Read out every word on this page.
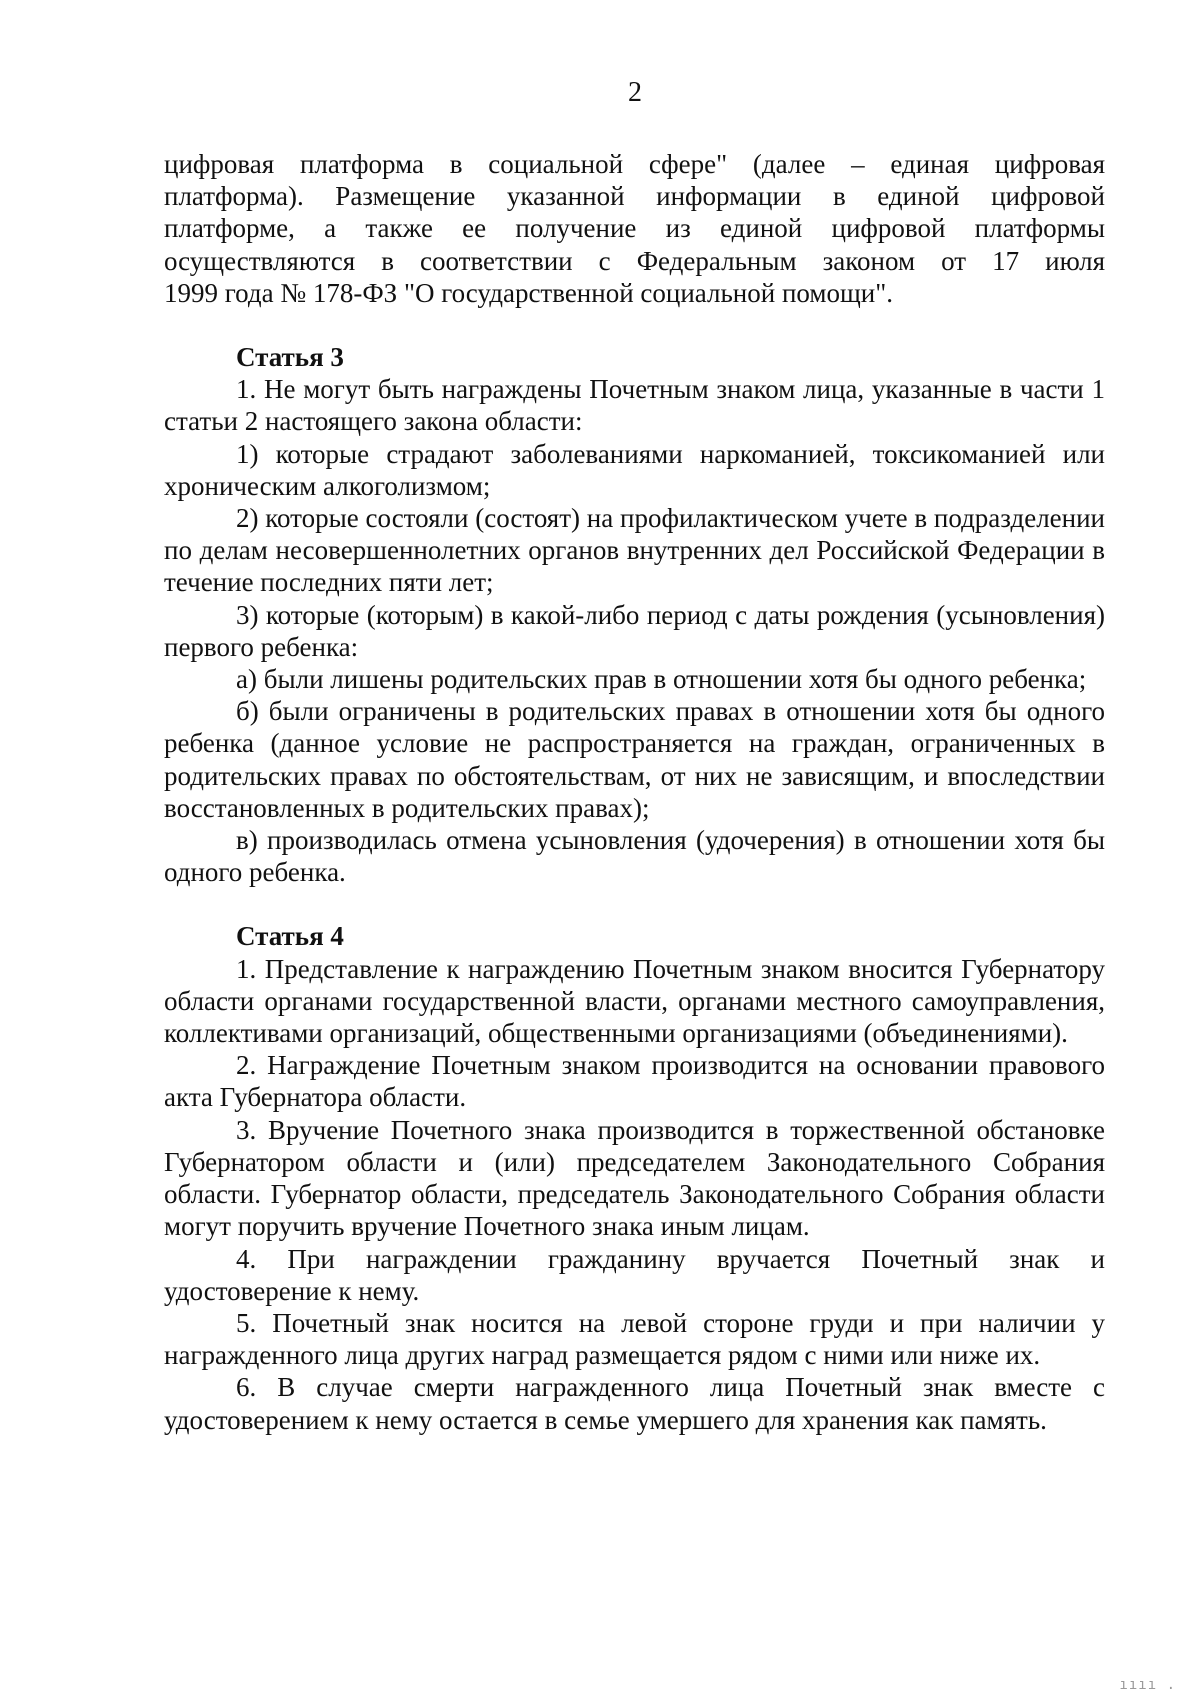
2

цифровая платформа в социальной сфере" (далее – единая цифровая

платформа). Размещение указанной информации в единой цифровой

платформе, а также ее получение из единой цифровой платформы

осуществляются в соответствии с Федеральным законом от 17 июля

1999 года № 178-ФЗ "О государственной социальной помощи".

Статья 3

1. Не могут быть награждены Почетным знаком лица, указанные в части 1 статьи 2 настоящего закона области:

1) которые страдают заболеваниями наркоманией, токсикоманией или хроническим алкоголизмом;

2) которые состояли (состоят) на профилактическом учете в подразделении по делам несовершеннолетних органов внутренних дел Российской Федерации в течение последних пяти лет;

3) которые (которым) в какой-либо период с даты рождения (усыновления) первого ребенка:

а) были лишены родительских прав в отношении хотя бы одного ребенка;

б) были ограничены в родительских правах в отношении хотя бы одного ребенка (данное условие не распространяется на граждан, ограниченных в родительских правах по обстоятельствам, от них не зависящим, и впоследствии восстановленных в родительских правах);

в) производилась отмена усыновления (удочерения) в отношении хотя бы одного ребенка.

Статья 4

1. Представление к награждению Почетным знаком вносится Губернатору области органами государственной власти, органами местного самоуправления, коллективами организаций, общественными организациями (объединениями).

2. Награждение Почетным знаком производится на основании правового акта Губернатора области.

3. Вручение Почетного знака производится в торжественной обстановке Губернатором области и (или) председателем Законодательного Собрания области. Губернатор области, председатель Законодательного Собрания области могут поручить вручение Почетного знака иным лицам.

4. При награждении гражданину вручается Почетный знак и удостоверение к нему.

5. Почетный знак носится на левой стороне груди и при наличии у награжденного лица других наград размещается рядом с ними или ниже их.

6. В случае смерти награжденного лица Почетный знак вместе с удостоверением к нему остается в семье умершего для хранения как память.

ıııı .
